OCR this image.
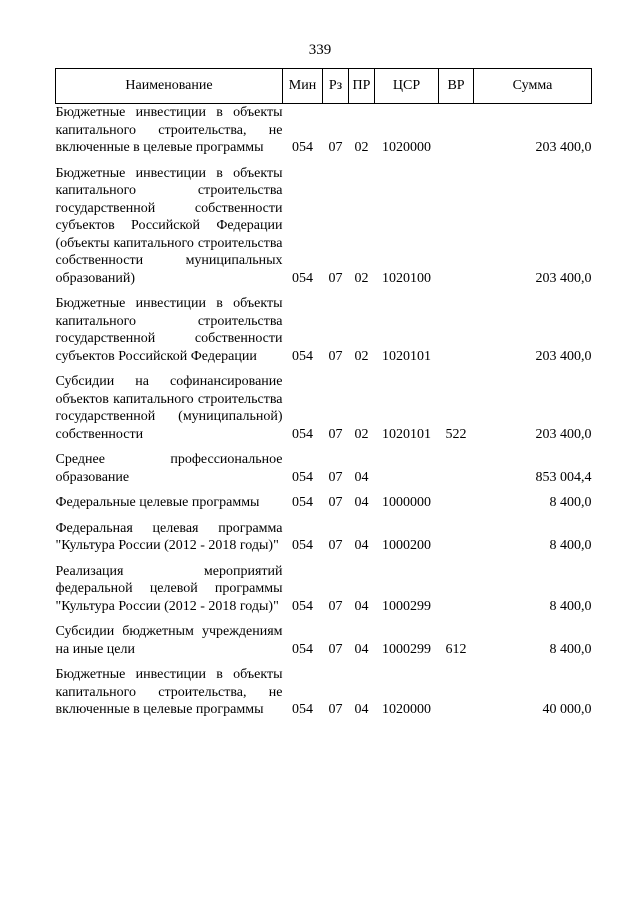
339
Наименование	Мин	Рз	ПР	ЦСР	ВР	Сумма
Бюджетные инвестиции в объекты капитального строительства, не включенные в целевые программы	054	07	02	1020000		203 400,0

Бюджетные инвестиции в объекты капитального строительства государственной собственности субъектов Российской Федерации (объекты капитального строительства собственности муниципальных образований)	054	07	02	1020100		203 400,0

Бюджетные инвестиции в объекты капитального строительства государственной собственности субъектов Российской Федерации	054	07	02	1020101		203 400,0

Субсидии на софинансирование объектов капитального строительства государственной (муниципальной) собственности	054	07	02	1020101	522	203 400,0

Среднее профессиональное образование	054	07	04			853 004,4

Федеральные целевые программы	054	07	04	1000000		8 400,0

Федеральная целевая программа "Культура России (2012 - 2018 годы)"	054	07	04	1000200		8 400,0

Реализация мероприятий федеральной целевой программы "Культура России (2012 - 2018 годы)"	054	07	04	1000299		8 400,0

Субсидии бюджетным учреждениям на иные цели	054	07	04	1000299	612	8 400,0

Бюджетные инвестиции в объекты капитального строительства, не включенные в целевые программы	054	07	04	1020000		40 000,0
